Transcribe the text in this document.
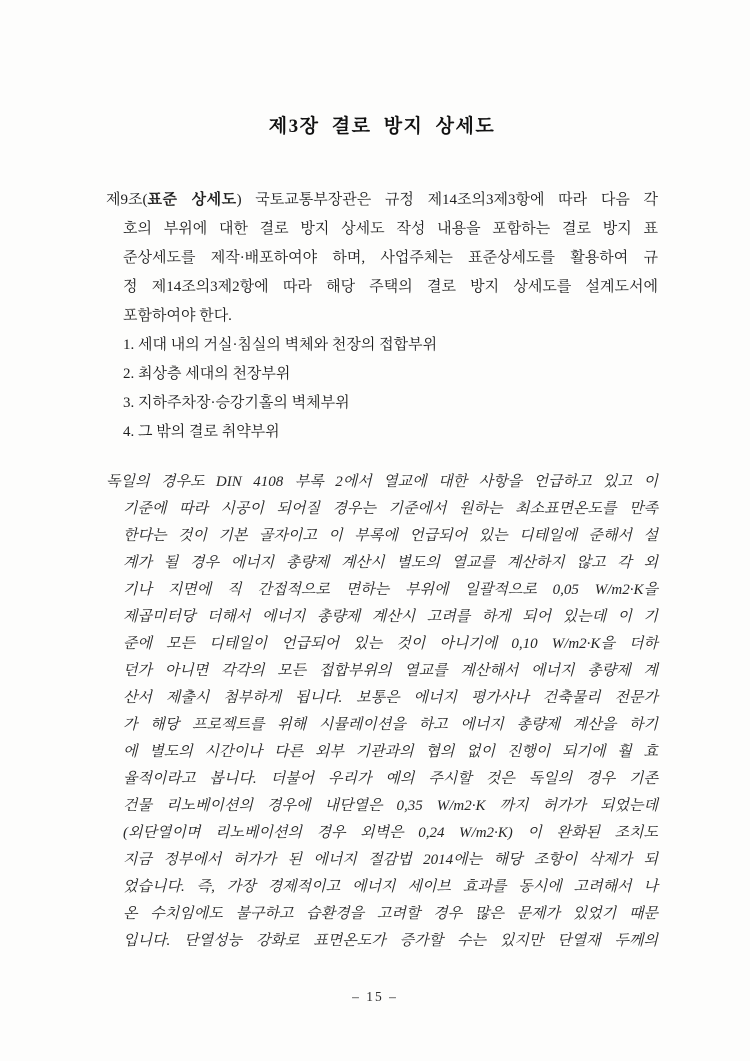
제3장 결로 방지 상세도
제9조(표준 상세도) 국토교통부장관은 규정 제14조의3제3항에 따라 다음 각
호의 부위에 대한 결로 방지 상세도 작성 내용을 포함하는 결로 방지 표
준상세도를 제작·배포하여야 하며, 사업주체는 표준상세도를 활용하여 규
정 제14조의3제2항에 따라 해당 주택의 결로 방지 상세도를 설계도서에
포함하여야 한다.
1. 세대 내의 거실·침실의 벽체와 천장의 접합부위
2. 최상층 세대의 천장부위
3. 지하주차장·승강기홀의 벽체부위
4. 그 밖의 결로 취약부위
독일의 경우도 DIN 4108 부록 2에서 열교에 대한 사항을 언급하고 있고 이
기준에 따라 시공이 되어질 경우는 기준에서 원하는 최소표면온도를 만족
한다는 것이 기본 골자이고 이 부록에 언급되어 있는 디테일에 준해서 설
계가 될 경우 에너지 총량제 계산시 별도의 열교를 계산하지 않고 각 외
기나 지면에 직 간접적으로 면하는 부위에 일괄적으로 0,05 W/m2·K을
제곱미터당 더해서 에너지 총량제 계산시 고려를 하게 되어 있는데 이 기
준에 모든 디테일이 언급되어 있는 것이 아니기에 0,10 W/m2·K을 더하
던가 아니면 각각의 모든 접합부위의 열교를 계산해서 에너지 총량제 계
산서 제출시 첨부하게 됩니다. 보통은 에너지 평가사나 건축물리 전문가
가 해당 프로젝트를 위해 시뮬레이션을 하고 에너지 총량제 계산을 하기
에 별도의 시간이나 다른 외부 기관과의 협의 없이 진행이 되기에 훨 효
율적이라고 봅니다. 더불어 우리가 예의 주시할 것은 독일의 경우 기존
건물 리노베이션의 경우에 내단열은 0,35 W/m2·K 까지 허가가 되었는데
(외단열이며 리노베이션의 경우 외벽은 0,24 W/m2·K) 이 완화된 조치도
지금 정부에서 허가가 된 에너지 절감법 2014에는 해당 조항이 삭제가 되
었습니다. 즉, 가장 경제적이고 에너지 세이브 효과를 동시에 고려해서 나
온 수치임에도 불구하고 습환경을 고려할 경우 많은 문제가 있었기 때문
입니다. 단열성능 강화로 표면온도가 증가할 수는 있지만 단열재 두께의
– 15 –
